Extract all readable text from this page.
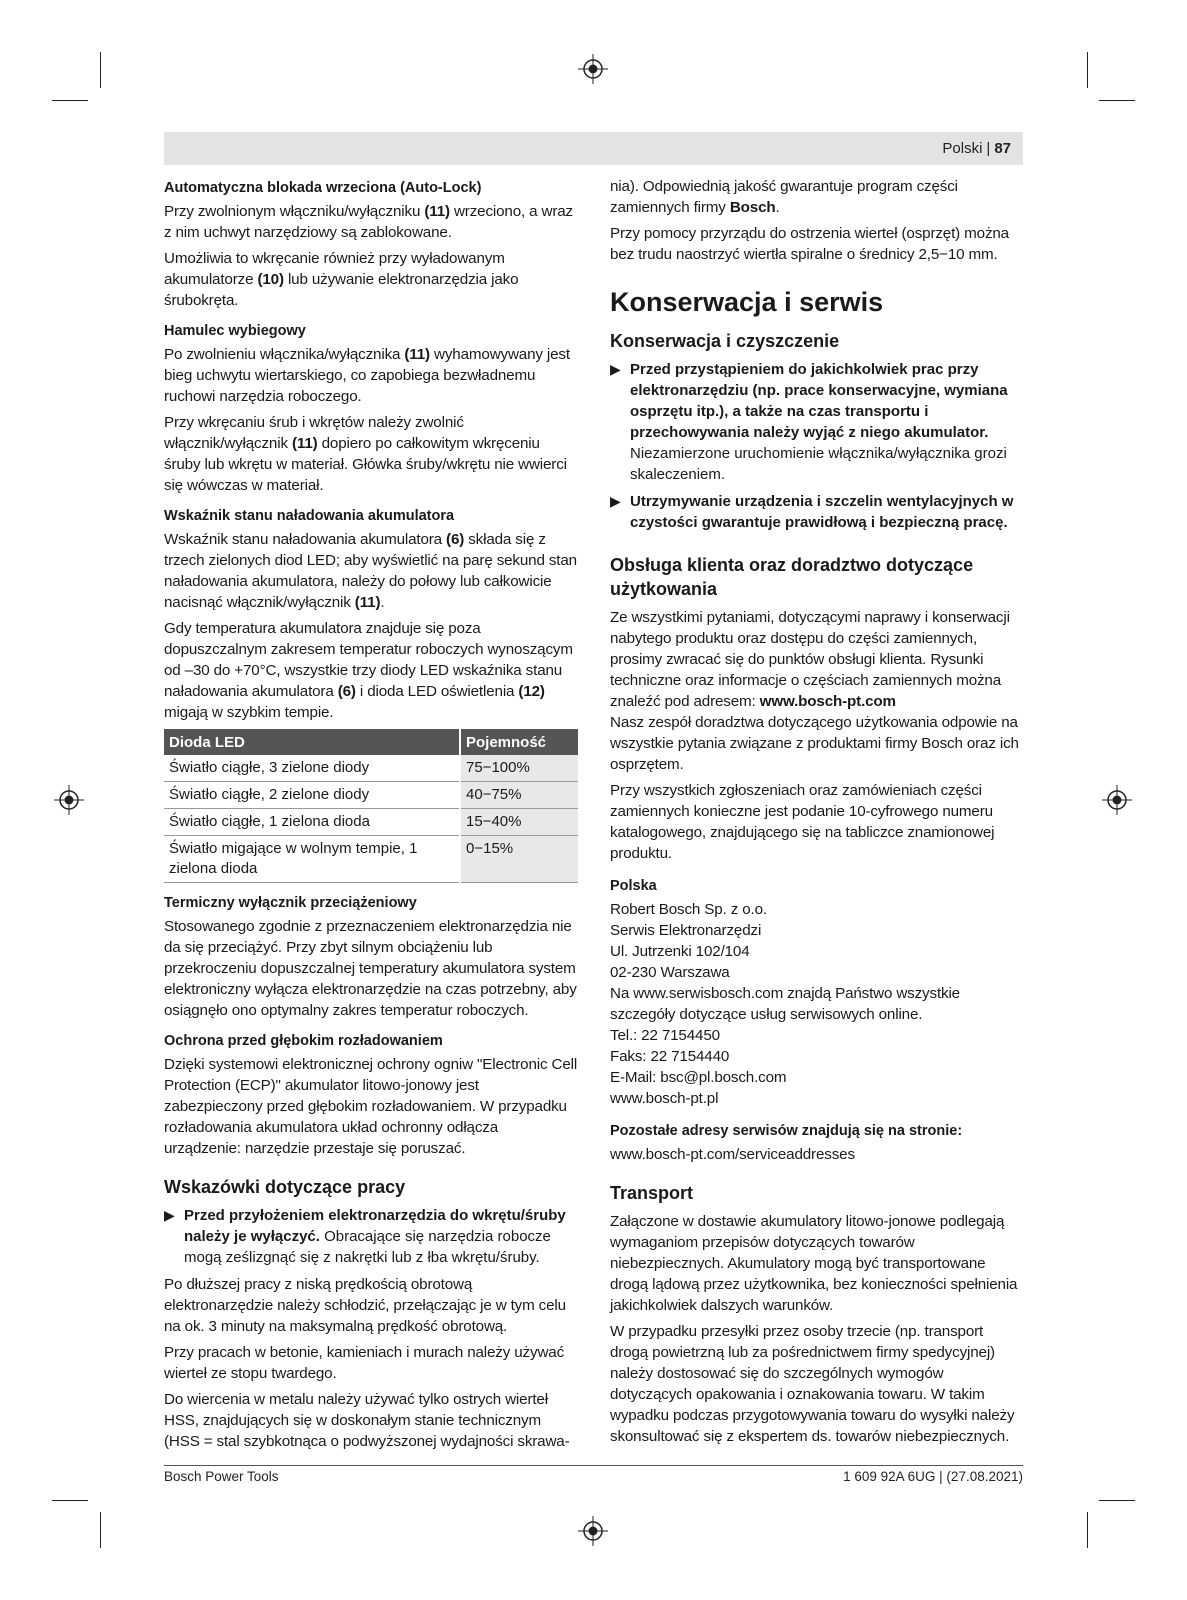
Polski | 87
Automatyczna blokada wrzeciona (Auto-Lock)

Przy zwolnionym włączniku/wyłączniku (11) wrzeciono, a wraz z nim uchwyt narzędziowy są zablokowane.

Umożliwia to wkręcanie również przy wyładowanym akumulatorze (10) lub używanie elektronarzędzia jako śrubokręta.

Hamulec wybiegowy

Po zwolnieniu włącznika/wyłącznika (11) wyhamowywany jest bieg uchwytu wiertarskiego, co zapobiega bezwładnemu ruchowi narzędzia roboczego.

Przy wkręcaniu śrub i wkrętów należy zwolnić włącznik/wyłącznik (11) dopiero po całkowitym wkręceniu śruby lub wkrętu w materiał. Główka śruby/wkrętu nie wwierci się wówczas w materiał.

Wskaźnik stanu naładowania akumulatora

Wskaźnik stanu naładowania akumulatora (6) składa się z trzech zielonych diod LED; aby wyświetlić na parę sekund stan naładowania akumulatora, należy do połowy lub całkowicie nacisnąć włącznik/wyłącznik (11).

Gdy temperatura akumulatora znajduje się poza dopuszczalnym zakresem temperatur roboczych wynoszącym od –30 do +70°C, wszystkie trzy diody LED wskaźnika stanu naładowania akumulatora (6) i dioda LED oświetlenia (12) migają w szybkim tempie.

Dioda LED	Pojemność
Światło ciągłe, 3 zielone diody	75−100%
Światło ciągłe, 2 zielone diody	40−75%
Światło ciągłe, 1 zielona dioda	15−40%
Światło migające w wolnym tempie, 1 zielona dioda	0−15%
Termiczny wyłącznik przeciążeniowy

Stosowanego zgodnie z przeznaczeniem elektronarzędzia nie da się przeciążyć. Przy zbyt silnym obciążeniu lub przekroczeniu dopuszczalnej temperatury akumulatora system elektroniczny wyłącza elektronarzędzie na czas potrzebny, aby osiągnęło ono optymalny zakres temperatur roboczych.

Ochrona przed głębokim rozładowaniem

Dzięki systemowi elektronicznej ochrony ogniw "Electronic Cell Protection (ECP)" akumulator litowo-jonowy jest zabezpieczony przed głębokim rozładowaniem. W przypadku rozładowania akumulatora układ ochronny odłącza urządzenie: narzędzie przestaje się poruszać.

Wskazówki dotyczące pracy
▶ Przed przyłożeniem elektronarzędzia do wkrętu/śruby należy je wyłączyć. Obracające się narzędzia robocze mogą ześlizgnąć się z nakrętki lub z łba wkrętu/śruby.

Po dłuższej pracy z niską prędkością obrotową elektronarzędzie należy schłodzić, przełączając je w tym celu na ok. 3 minuty na maksymalną prędkość obrotową.

Przy pracach w betonie, kamieniach i murach należy używać wierteł ze stopu twardego.

Do wiercenia w metalu należy używać tylko ostrych wierteł HSS, znajdujących się w doskonałym stanie technicznym (HSS = stal szybkotnąca o podwyższonej wydajności skrawa-

nia). Odpowiednią jakość gwarantuje program części zamiennych firmy Bosch.

Przy pomocy przyrządu do ostrzenia wierteł (osprzęt) można bez trudu naostrzyć wiertła spiralne o średnicy 2,5−10 mm.

Konserwacja i serwis
Konserwacja i czyszczenie
▶ Przed przystąpieniem do jakichkolwiek prac przy elektronarzędziu (np. prace konserwacyjne, wymiana osprzętu itp.), a także na czas transportu i przechowywania należy wyjąć z niego akumulator. Niezamierzone uruchomienie włącznika/wyłącznika grozi skaleczeniem.
▶ Utrzymywanie urządzenia i szczelin wentylacyjnych w czystości gwarantuje prawidłową i bezpieczną pracę.
Obsługa klienta oraz doradztwo dotyczące użytkowania

Ze wszystkimi pytaniami, dotyczącymi naprawy i konserwacji nabytego produktu oraz dostępu do części zamiennych, prosimy zwracać się do punktów obsługi klienta. Rysunki techniczne oraz informacje o częściach zamiennych można znaleźć pod adresem: www.bosch-pt.com

Nasz zespół doradztwa dotyczącego użytkowania odpowie na wszystkie pytania związane z produktami firmy Bosch oraz ich osprzętem.

Przy wszystkich zgłoszeniach oraz zamówieniach części zamiennych konieczne jest podanie 10-cyfrowego numeru katalogowego, znajdującego się na tabliczce znamionowej produktu.

Polska

Robert Bosch Sp. z o.o.

Serwis Elektronarzędzi

Ul. Jutrzenki 102/104

02-230 Warszawa

Na www.serwisbosch.com znajdą Państwo wszystkie szczegóły dotyczące usług serwisowych online.

Tel.: 22 7154450

Faks: 22 7154440

E-Mail: bsc@pl.bosch.com

www.bosch-pt.pl

Pozostałe adresy serwisów znajdują się na stronie:

www.bosch-pt.com/serviceaddresses

Transport

Załączone w dostawie akumulatory litowo-jonowe podlegają wymaganiom przepisów dotyczących towarów niebezpiecznych. Akumulatory mogą być transportowane drogą lądową przez użytkownika, bez konieczności spełnienia jakichkolwiek dalszych warunków.

W przypadku przesyłki przez osoby trzecie (np. transport drogą powietrzną lub za pośrednictwem firmy spedycyjnej) należy dostosować się do szczególnych wymogów dotyczących opakowania i oznakowania towaru. W takim wypadku podczas przygotowywania towaru do wysyłki należy skonsultować się z ekspertem ds. towarów niebezpiecznych.

Bosch Power Tools	1 609 92A 6UG | (27.08.2021)
